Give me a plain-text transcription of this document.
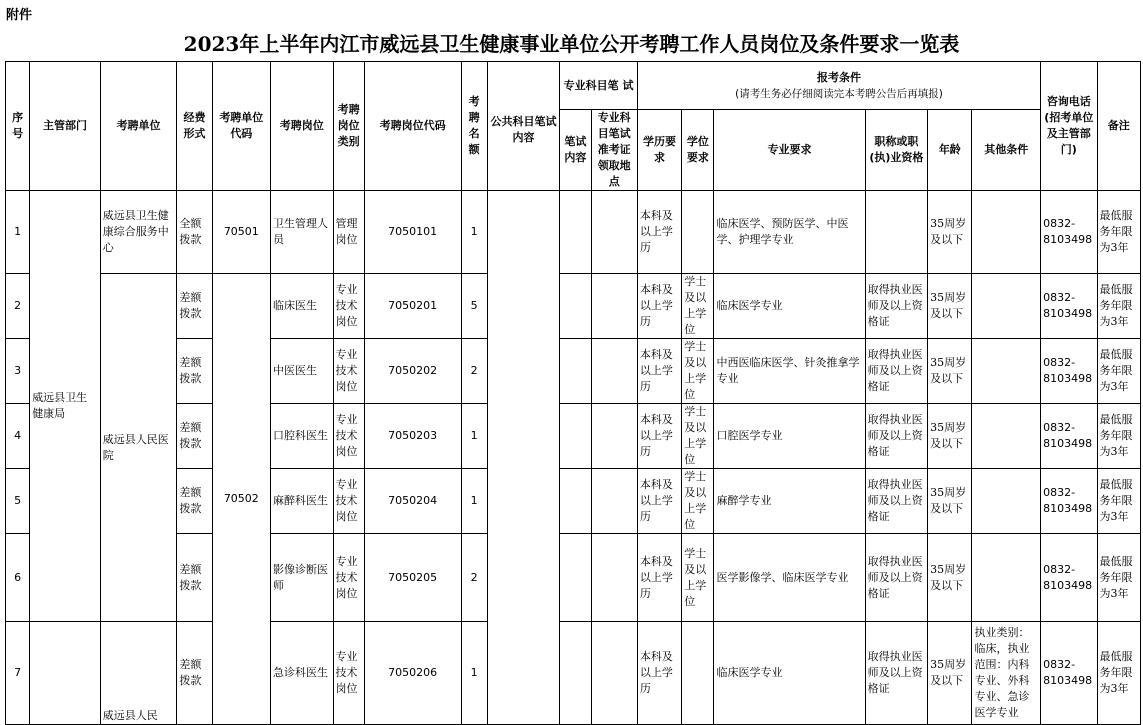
附件
2023年上半年内江市威远县卫生健康事业单位公开考聘工作人员岗位及条件要求一览表
序号	主管部门	考聘单位	经费形式	考聘单位代码	考聘岗位	考聘岗位类别	考聘岗位代码	考聘名额	公共科目笔试内容	专业科目笔 试		报考条件
(请考生务必仔细阅读完本考聘公告后再填报)						咨询电话(招考单位及主管部门)	备注
										笔试内容	专业科目笔试准考证领取地 点	学历要求	学位要求	专业要求	职称或职(执)业资格	年龄	其他条件		
1	威远县卫生健康局	威远县卫生健康综合服务中心	全额拨款	70501	卫生管理人员	管理岗位	7050101	1				本科及以上学历		临床医学、预防医学、中医学、护理学专业		35周岁及以下		0832-8103498	最低服务年限为3年
2		威远县人民医院	差额拨款	70502	临床医生	专业技术岗位	7050201	5				本科及以上学历	学士及以上学位	临床医学专业	取得执业医师及以上资格证	35周岁及以下		0832-8103498	最低服务年限为3年
3			差额拨款		中医医生	专业技术岗位	7050202	2				本科及以上学历	学士及以上学位	中西医临床医学、针灸推拿学专业	取得执业医师及以上资格证	35周岁及以下		0832-8103498	最低服务年限为3年
4			差额拨款		口腔科医生	专业技术岗位	7050203	1				本科及以上学历	学士及以上学位	口腔医学专业	取得执业医师及以上资格证	35周岁及以下		0832-8103498	最低服务年限为3年
5			差额拨款		麻醉科医生	专业技术岗位	7050204	1				本科及以上学历	学士及以上学位	麻醉学专业	取得执业医师及以上资格证	35周岁及以下		0832-8103498	最低服务年限为3年
6			差额拨款		影像诊断医师	专业技术岗位	7050205	2				本科及以上学历	学士及以上学位	医学影像学、临床医学专业	取得执业医师及以上资格证	35周岁及以下		0832-8103498	最低服务年限为3年
7		威远县人民	差额拨款		急诊科医生	专业技术岗位	7050206	1				本科及以上学历		临床医学专业	取得执业医师及以上资格证	35周岁及以下	执业类别：临床，执业范围：内科专业、外科专业、急诊医学专业	0832-8103498	最低服务年限为3年
